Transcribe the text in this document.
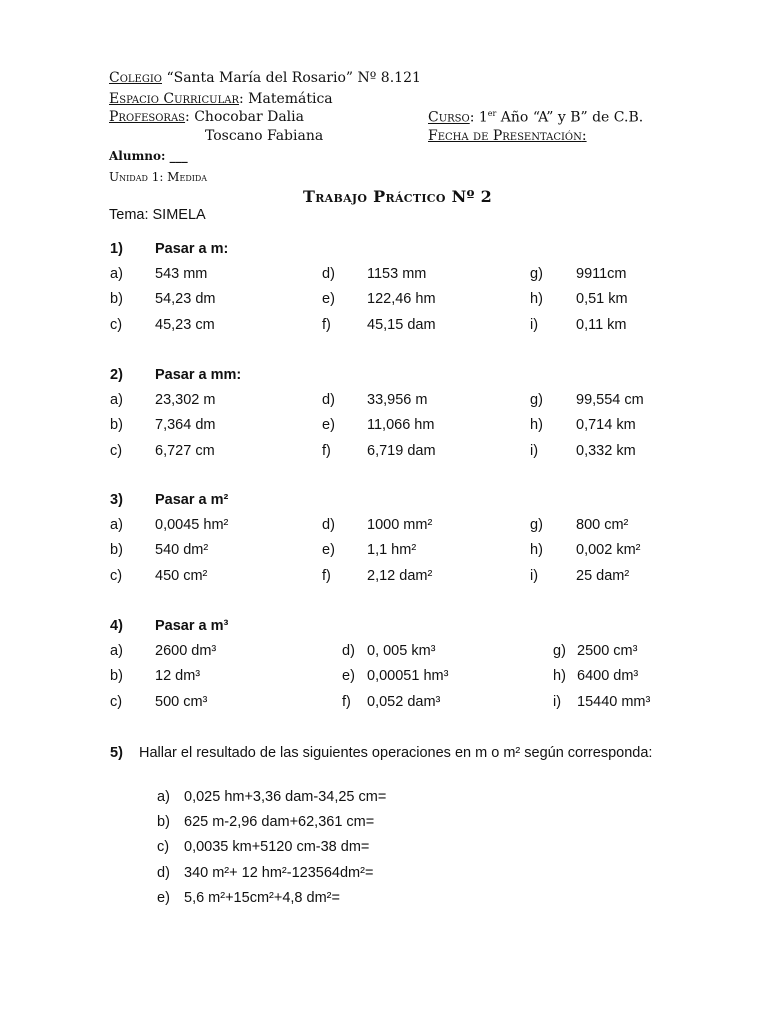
Colegio “Santa María del Rosario” Nº 8.121
Espacio Curricular: Matemática
Profesoras: Chocobar Dalia
Toscano Fabiana
Curso: 1er Año “A” y B” de C.B.
Fecha de Presentación:
Alumno: ___
Unidad 1: Medida
Trabajo Práctico Nº 2
Tema: SIMELA
1) Pasar a m:
a) 543 mm	d) 1153 mm	g) 9911cm
b) 54,23 dm	e) 122,46 hm	h) 0,51 km
c) 45,23 cm	f) 45,15 dam	i)	0,11 km
2) Pasar a mm:
a) 23,302 m	d) 33,956 m	g) 99,554 cm
b) 7,364 dm	e) 11,066 hm	h) 0,714 km
c) 6,727 cm	f) 6,719 dam	i)	0,332 km
3) Pasar a m²
a) 0,0045 hm²	d) 1000 mm²	g) 800 cm²
b) 540 dm²	e) 1,1 hm²	h) 0,002 km²
c) 450 cm²	f) 2,12 dam²	i)	25 dam²
4) Pasar a m³
a) 2600 dm³	d) 0, 005 km³	g) 2500 cm³
b) 12 dm³	e) 0,00051 hm³	h) 6400 dm³
c) 500 cm³	f) 0,052 dam³	i) 15440 mm³
5) Hallar el resultado de las siguientes operaciones en m o m² según corresponda:
a) 0,025 hm+3,36 dam-34,25 cm=
b) 625 m-2,96 dam+62,361 cm=
c) 0,0035 km+5120 cm-38 dm=
d) 340 m²+ 12 hm²-123564dm²=
e) 5,6 m²+15cm²+4,8 dm²=
